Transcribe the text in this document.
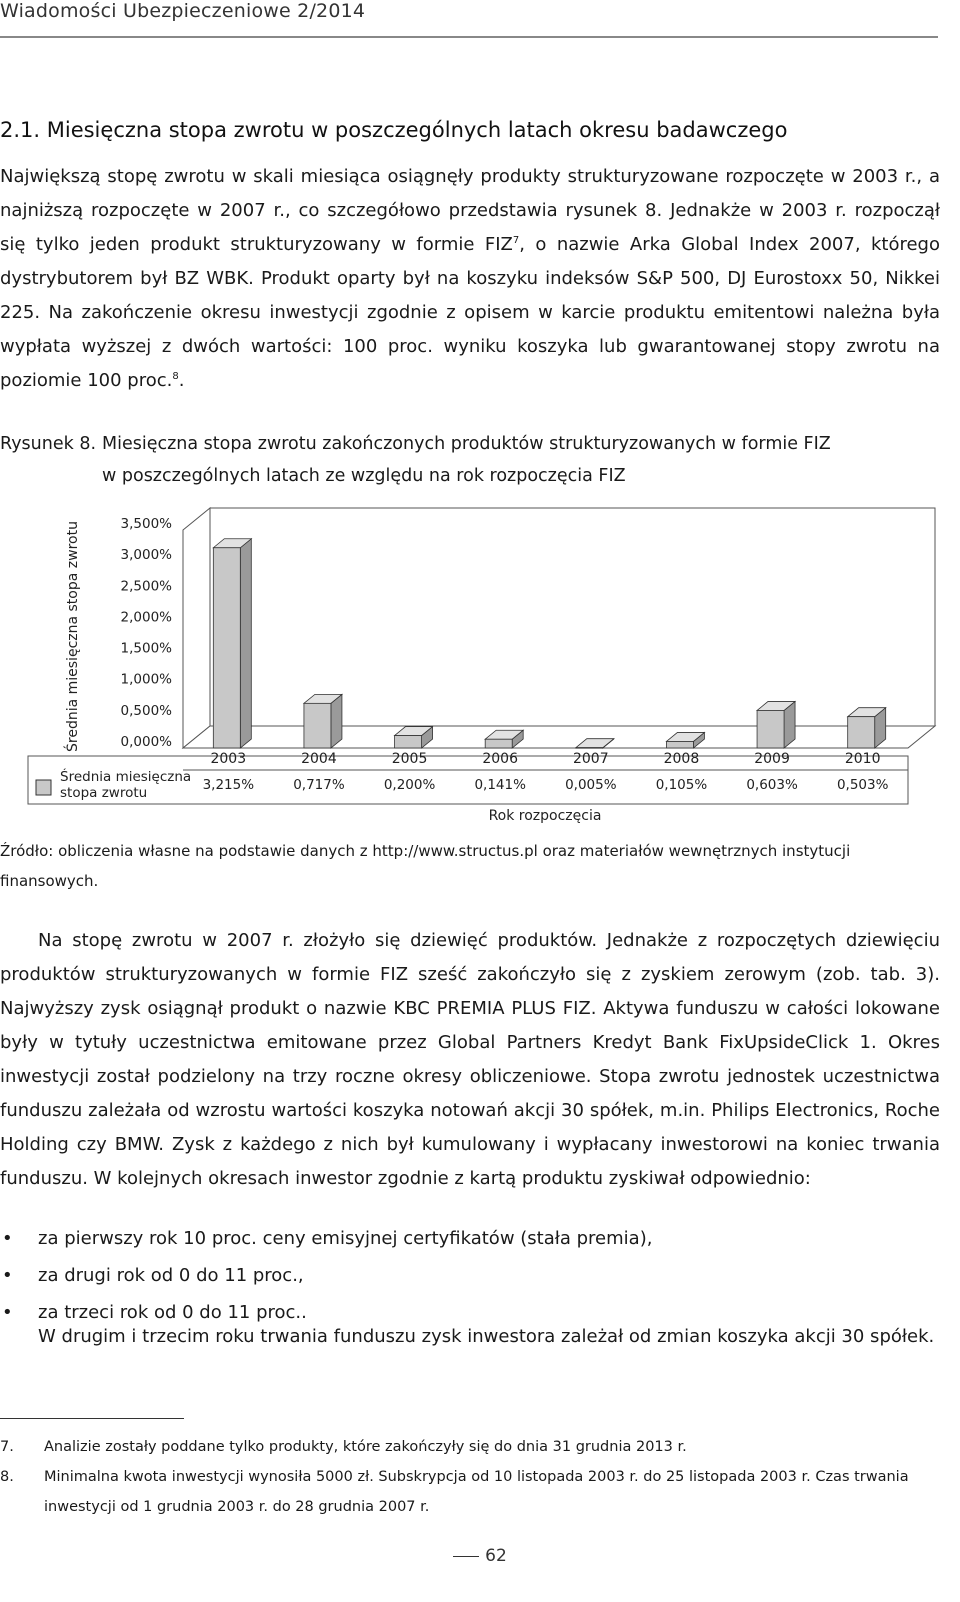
Wiadomości Ubezpieczeniowe 2/2014
2.1. Miesięczna stopa zwrotu w poszczególnych latach okresu badawczego
Największą stopę zwrotu w skali miesiąca osiągnęły produkty strukturyzowane rozpoczęte w 2003 r., a najniższą rozpoczęte w 2007 r., co szczegółowo przedstawia rysunek 8. Jednakże w 2003 r. rozpoczął się tylko jeden produkt strukturyzowany w formie FIZ$^7$, o nazwie Arka Global Index 2007, którego dystrybutorem był BZ WBK. Produkt oparty był na koszyku indeksów S&P 500, DJ Eurostoxx 50, Nikkei 225. Na zakończenie okresu inwestycji zgodnie z opisem w karcie produktu emitentowi należna była wypłata wyższej z dwóch wartości: 100 proc. wyniku koszyka lub gwarantowanej stopy zwrotu na poziomie 100 proc.$^8$.
Rysunek 8. Miesięczna stopa zwrotu zakończonych produktów strukturyzowanych w formie FIZ
w poszczególnych latach ze względu na rok rozpoczęcia FIZ
Średnia miesięczna stopa zwrotu	3,500%
3,000%
2,500%
2,000%
1,500%
1,000%
0,500%
0,000%
Średnia miesięczna
stopa zwrotu
2003	2004	2005	2006	2007	2008	2009	2010
3,215%	0,717%	0,200%	0,141%	0,005%	0,105%	0,603%	0,503%
Rok rozpoczęcia
Źródło: obliczenia własne na podstawie danych z http://www.structus.pl oraz materiałów wewnętrznych instytucji finansowych.
Na stopę zwrotu w 2007 r. złożyło się dziewięć produktów. Jednakże z rozpoczętych dziewięciu produktów strukturyzowanych w formie FIZ sześć zakończyło się z zyskiem zerowym (zob. tab. 3). Najwyższy zysk osiągnął produkt o nazwie KBC PREMIA PLUS FIZ. Aktywa funduszu w całości lokowane były w tytuły uczestnictwa emitowane przez Global Partners Kredyt Bank FixUpsideClick 1. Okres inwestycji został podzielony na trzy roczne okresy obliczeniowe. Stopa zwrotu jednostek uczestnictwa funduszu zależała od wzrostu wartości koszyka notowań akcji 30 spółek, m.in. Philips Electronics, Roche Holding czy BMW. Zysk z każdego z nich był kumulowany i wypłacany inwestorowi na koniec trwania funduszu. W kolejnych okresach inwestor zgodnie z kartą produktu zyskiwał odpowiednio:
• za pierwszy rok 10 proc. ceny emisyjnej certyfikatów (stała premia),
• za drugi rok od 0 do 11 proc.,
• za trzeci rok od 0 do 11 proc..
W drugim i trzecim roku trwania funduszu zysk inwestora zależał od zmian koszyka akcji 30 spółek.
7.	Analizie zostały poddane tylko produkty, które zakończyły się do dnia 31 grudnia 2013 r.
8.	Minimalna kwota inwestycji wynosiła 5000 zł. Subskrypcja od 10 listopada 2003 r. do 25 listopada 2003 r. Czas trwania inwestycji od 1 grudnia 2003 r. do 28 grudnia 2007 r.
62
